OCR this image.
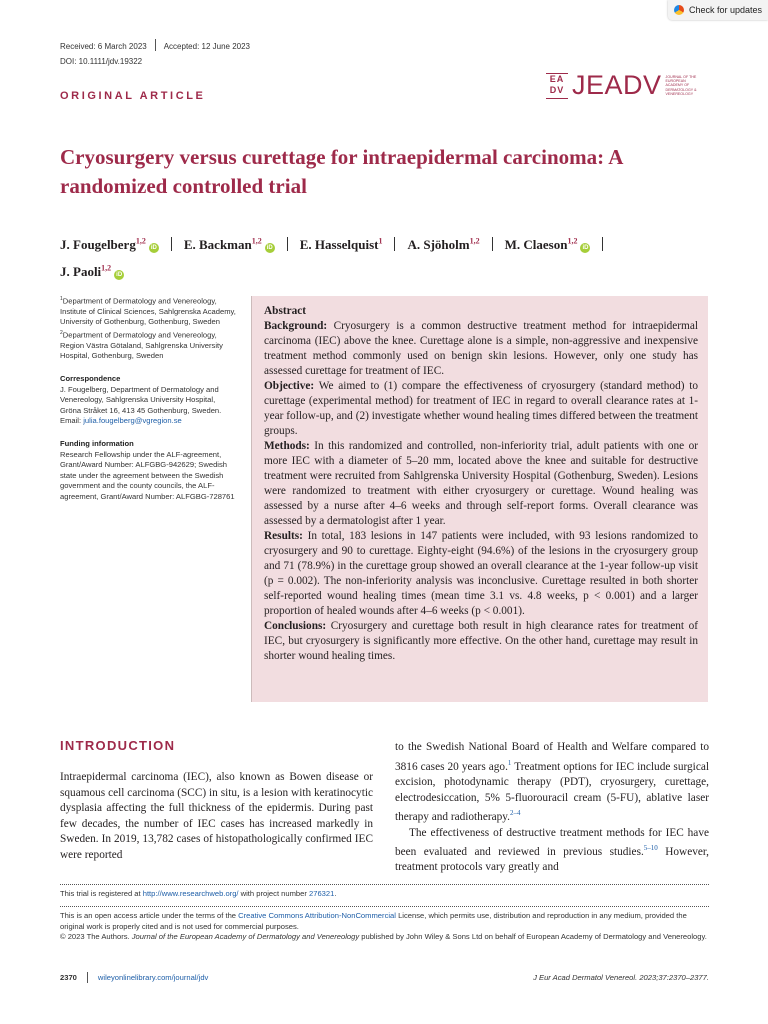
Received: 6 March 2023 Accepted: 12 June 2023
DOI: 10.1111/jdv.19322
Check for updates
EA DV JEADV JOURNAL OF THE EUROPEAN ACADEMY OF DERMATOLOGY & VENEREOLOGY
ORIGINAL ARTICLE
Cryosurgery versus curettage for intraepidermal carcinoma: A randomized controlled trial
J. Fougelberg$^{1,2}$iD E. Backman$^{1,2}$iD E. Hasselquist$^1$ A. Sjöholm$^{1,2}$ M. Claeson$^{1,2}$iD
J. Paoli$^{1,2}$iD
$^1$Department of Dermatology and Venereology, Institute of Clinical Sciences, Sahlgrenska Academy, University of Gothenburg, Gothenburg, Sweden
$^2$Department of Dermatology and Venereology, Region Västra Götaland, Sahlgrenska University Hospital, Gothenburg, Sweden
Correspondence
J. Fougelberg, Department of Dermatology and Venereology, Sahlgrenska University Hospital, Gröna Stråket 16, 413 45 Gothenburg, Sweden.
Email: julia.fougelberg@vgregion.se
Funding information
Research Fellowship under the ALF-agreement, Grant/Award Number: ALFGBG-942629; Swedish state under the agreement between the Swedish government and the county councils, the ALF-agreement, Grant/Award Number: ALFGBG-728761

Abstract

Background: Cryosurgery is a common destructive treatment method for intraepidermal carcinoma (IEC) above the knee. Curettage alone is a simple, non-aggressive and inexpensive treatment method commonly used on benign skin lesions. However, only one study has assessed curettage for treatment of IEC.

Objective: We aimed to (1) compare the effectiveness of cryosurgery (standard method) to curettage (experimental method) for treatment of IEC in regard to overall clearance rates at 1-year follow-up, and (2) investigate whether wound healing times differed between the treatment groups.

Methods: In this randomized and controlled, non-inferiority trial, adult patients with one or more IEC with a diameter of 5–20 mm, located above the knee and suitable for destructive treatment were recruited from Sahlgrenska University Hospital (Gothenburg, Sweden). Lesions were randomized to treatment with either cryosurgery or curettage. Wound healing was assessed by a nurse after 4–6 weeks and through self-report forms. Overall clearance was assessed by a dermatologist after 1 year.

Results: In total, 183 lesions in 147 patients were included, with 93 lesions randomized to cryosurgery and 90 to curettage. Eighty-eight (94.6%) of the lesions in the cryosurgery group and 71 (78.9%) in the curettage group showed an overall clearance at the 1-year follow-up visit (p = 0.002). The non-inferiority analysis was inconclusive. Curettage resulted in both shorter self-reported wound healing times (mean time 3.1 vs. 4.8 weeks, p < 0.001) and a larger proportion of healed wounds after 4–6 weeks (p < 0.001).

Conclusions: Cryosurgery and curettage both result in high clearance rates for treatment of IEC, but cryosurgery is significantly more effective. On the other hand, curettage may result in shorter wound healing times.

INTRODUCTION

Intraepidermal carcinoma (IEC), also known as Bowen disease or squamous cell carcinoma (SCC) in situ, is a lesion with keratinocytic dysplasia affecting the full thickness of the epidermis. During past few decades, the number of IEC cases has increased markedly in Sweden. In 2019, 13,782 cases of histopathologically confirmed IEC were reported

to the Swedish National Board of Health and Welfare compared to 3816 cases 20 years ago.$^1$ Treatment options for IEC include surgical excision, photodynamic therapy (PDT), cryosurgery, curettage, electrodesiccation, 5% 5-fluorouracil cream (5-FU), ablative laser therapy and radiotherapy.$^{2-4}$

The effectiveness of destructive treatment methods for IEC have been evaluated and reviewed in previous studies.$^{5-10}$ However, treatment protocols vary greatly and

This trial is registered at http://www.researchweb.org/ with project number 276321.
This is an open access article under the terms of the Creative Commons Attribution-NonCommercial License, which permits use, distribution and reproduction in any medium, provided the original work is properly cited and is not used for commercial purposes.
© 2023 The Authors. Journal of the European Academy of Dermatology and Venereology published by John Wiley & Sons Ltd on behalf of European Academy of Dermatology and Venereology.
2370	wileyonlinelibrary.com/journal/jdv	J Eur Acad Dermatol Venereol. 2023;37:2370–2377.
